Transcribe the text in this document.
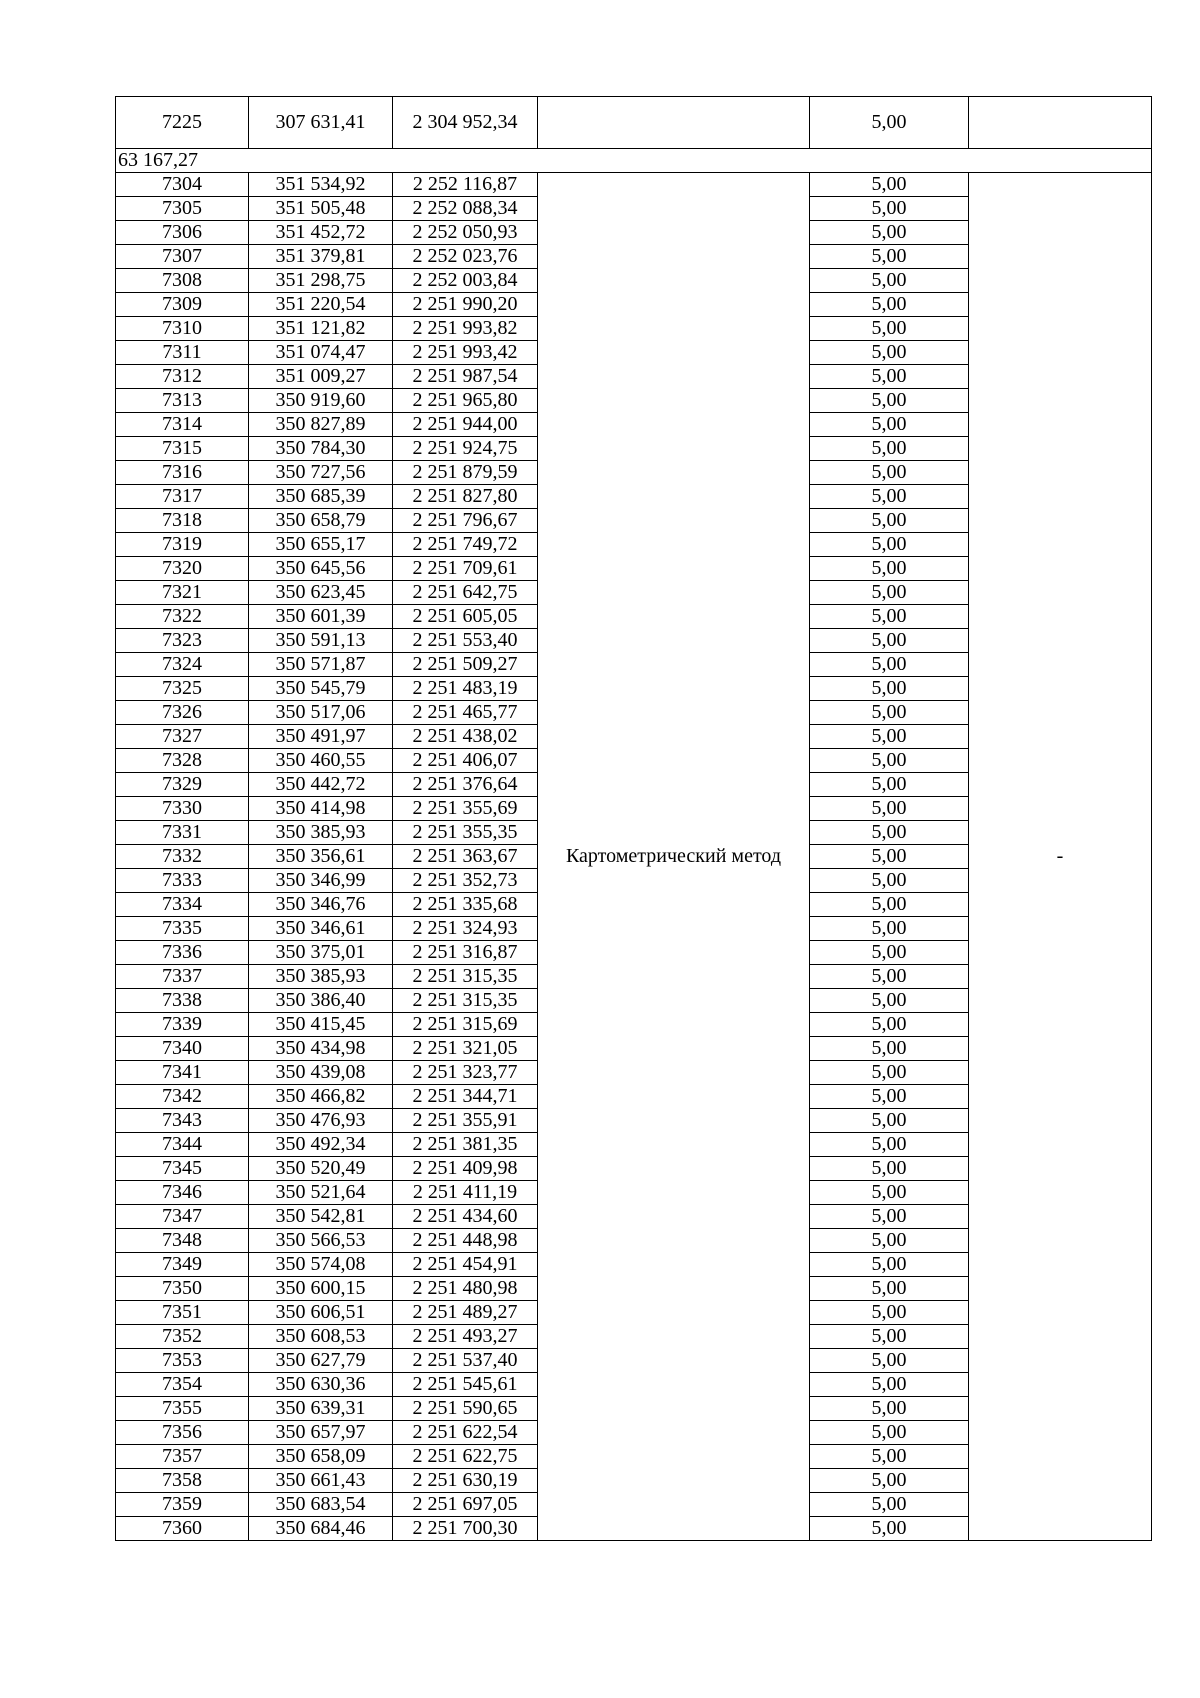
7225	307 631,41	2 304 952,34		5,00	
63 167,27					
7304	351 534,92	2 252 116,87	Картометрический метод	5,00	-
7305	351 505,48	2 252 088,34		5,00	
7306	351 452,72	2 252 050,93		5,00	
7307	351 379,81	2 252 023,76		5,00	
7308	351 298,75	2 252 003,84		5,00	
7309	351 220,54	2 251 990,20		5,00	
7310	351 121,82	2 251 993,82		5,00	
7311	351 074,47	2 251 993,42		5,00	
7312	351 009,27	2 251 987,54		5,00	
7313	350 919,60	2 251 965,80		5,00	
7314	350 827,89	2 251 944,00		5,00	
7315	350 784,30	2 251 924,75		5,00	
7316	350 727,56	2 251 879,59		5,00	
7317	350 685,39	2 251 827,80		5,00	
7318	350 658,79	2 251 796,67		5,00	
7319	350 655,17	2 251 749,72		5,00	
7320	350 645,56	2 251 709,61		5,00	
7321	350 623,45	2 251 642,75		5,00	
7322	350 601,39	2 251 605,05		5,00	
7323	350 591,13	2 251 553,40		5,00	
7324	350 571,87	2 251 509,27		5,00	
7325	350 545,79	2 251 483,19		5,00	
7326	350 517,06	2 251 465,77		5,00	
7327	350 491,97	2 251 438,02		5,00	
7328	350 460,55	2 251 406,07		5,00	
7329	350 442,72	2 251 376,64		5,00	
7330	350 414,98	2 251 355,69		5,00	
7331	350 385,93	2 251 355,35		5,00	
7332	350 356,61	2 251 363,67		5,00	
7333	350 346,99	2 251 352,73		5,00	
7334	350 346,76	2 251 335,68		5,00	
7335	350 346,61	2 251 324,93		5,00	
7336	350 375,01	2 251 316,87		5,00	
7337	350 385,93	2 251 315,35		5,00	
7338	350 386,40	2 251 315,35		5,00	
7339	350 415,45	2 251 315,69		5,00	
7340	350 434,98	2 251 321,05		5,00	
7341	350 439,08	2 251 323,77		5,00	
7342	350 466,82	2 251 344,71		5,00	
7343	350 476,93	2 251 355,91		5,00	
7344	350 492,34	2 251 381,35		5,00	
7345	350 520,49	2 251 409,98		5,00	
7346	350 521,64	2 251 411,19		5,00	
7347	350 542,81	2 251 434,60		5,00	
7348	350 566,53	2 251 448,98		5,00	
7349	350 574,08	2 251 454,91		5,00	
7350	350 600,15	2 251 480,98		5,00	
7351	350 606,51	2 251 489,27		5,00	
7352	350 608,53	2 251 493,27		5,00	
7353	350 627,79	2 251 537,40		5,00	
7354	350 630,36	2 251 545,61		5,00	
7355	350 639,31	2 251 590,65		5,00	
7356	350 657,97	2 251 622,54		5,00	
7357	350 658,09	2 251 622,75		5,00	
7358	350 661,43	2 251 630,19		5,00	
7359	350 683,54	2 251 697,05		5,00	
7360	350 684,46	2 251 700,30		5,00	
